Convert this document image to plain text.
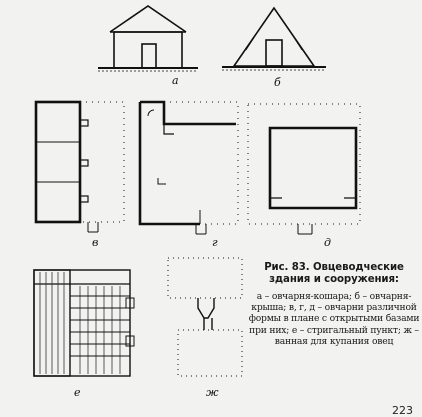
а	б
в	г	д
е	ж
Рис. 83. Овцеводческие здания и сооружения:
а – овчарня-кошара; б – овчарня-крыша; в, г, д – овчарни различной формы в плане с открытыми базами при них; е – стригальный пункт; ж – ванная для купания овец
223
